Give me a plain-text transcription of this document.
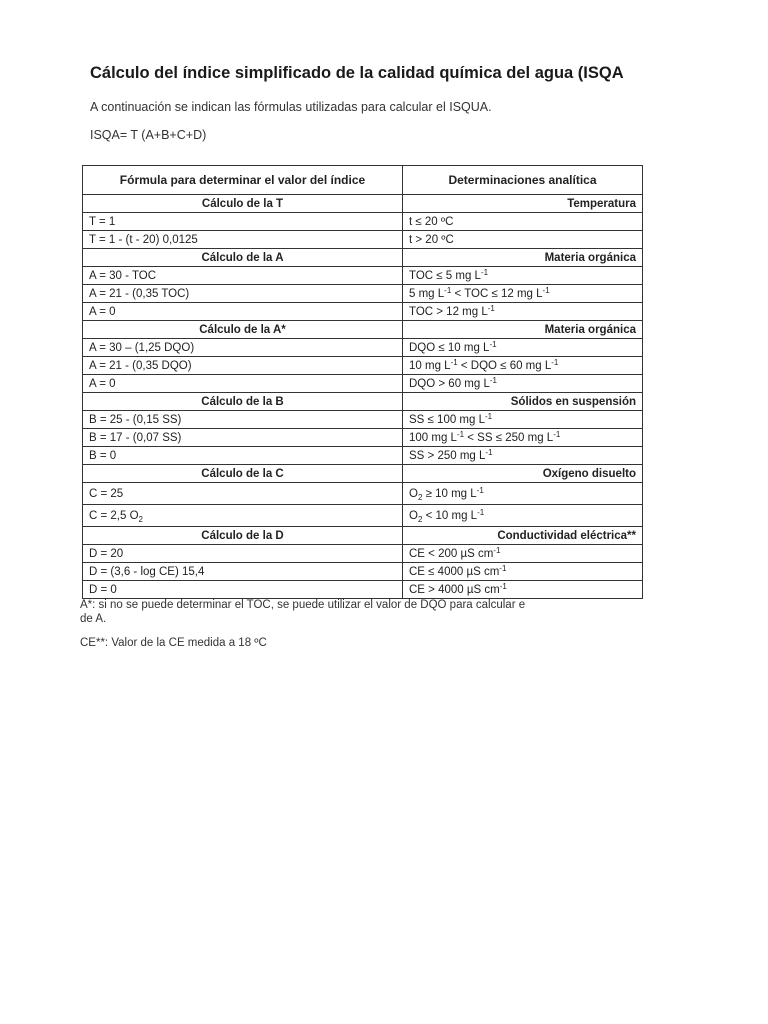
Cálculo del índice simplificado de la calidad química del agua (ISQA
A continuación se indican las fórmulas utilizadas para calcular el ISQUA.
ISQA= T (A+B+C+D)
Fórmula para determinar el valor del índice	Determinaciones analítica
Cálculo de la T	Temperatura
T = 1	t ≤ 20 ºC
T = 1 - (t - 20) 0,0125	t > 20 ºC
Cálculo de la A	Materia orgánica
A = 30 - TOC	TOC ≤ 5 mg $L^{-1}$
A = 21 - (0,35 TOC)	5 mg $L^{-1}$ < TOC ≤ 12 mg $L^{-1}$
A = 0	TOC > 12 mg $L^{-1}$
Cálculo de la A*	Materia orgánica
A = 30 – (1,25 DQO)	DQO ≤ 10 mg $L^{-1}$
A = 21 - (0,35 DQO)	10 mg $L^{-1}$ < DQO ≤ 60 mg $L^{-1}$
A = 0	DQO > 60 mg $L^{-1}$
Cálculo de la B	Sólidos en suspensión
B = 25 - (0,15 SS)	SS ≤ 100 mg $L^{-1}$
B = 17 - (0,07 SS)	100 mg $L^{-1}$ < SS ≤ 250 mg $L^{-1}$
B = 0	SS > 250 mg $L^{-1}$
Cálculo de la C	Oxígeno disuelto
C = 25	$O_2 \ge 10$ mg $L^{-1}$
C = 2,5 $O_2$	$O_2 < 10$ mg $L^{-1}$
Cálculo de la D	Conductividad eléctrica**
D = 20	CE < 200 µS $cm^{-1}$
D = (3,6 - log CE) 15,4	CE ≤ 4000 µS $cm^{-1}$
D = 0	CE > 4000 µS $cm^{-1}$

A*: si no se puede determinar el TOC, se puede utilizar el valor de DQO para calcular e

de A.

CE**: Valor de la CE medida a 18 ºC
